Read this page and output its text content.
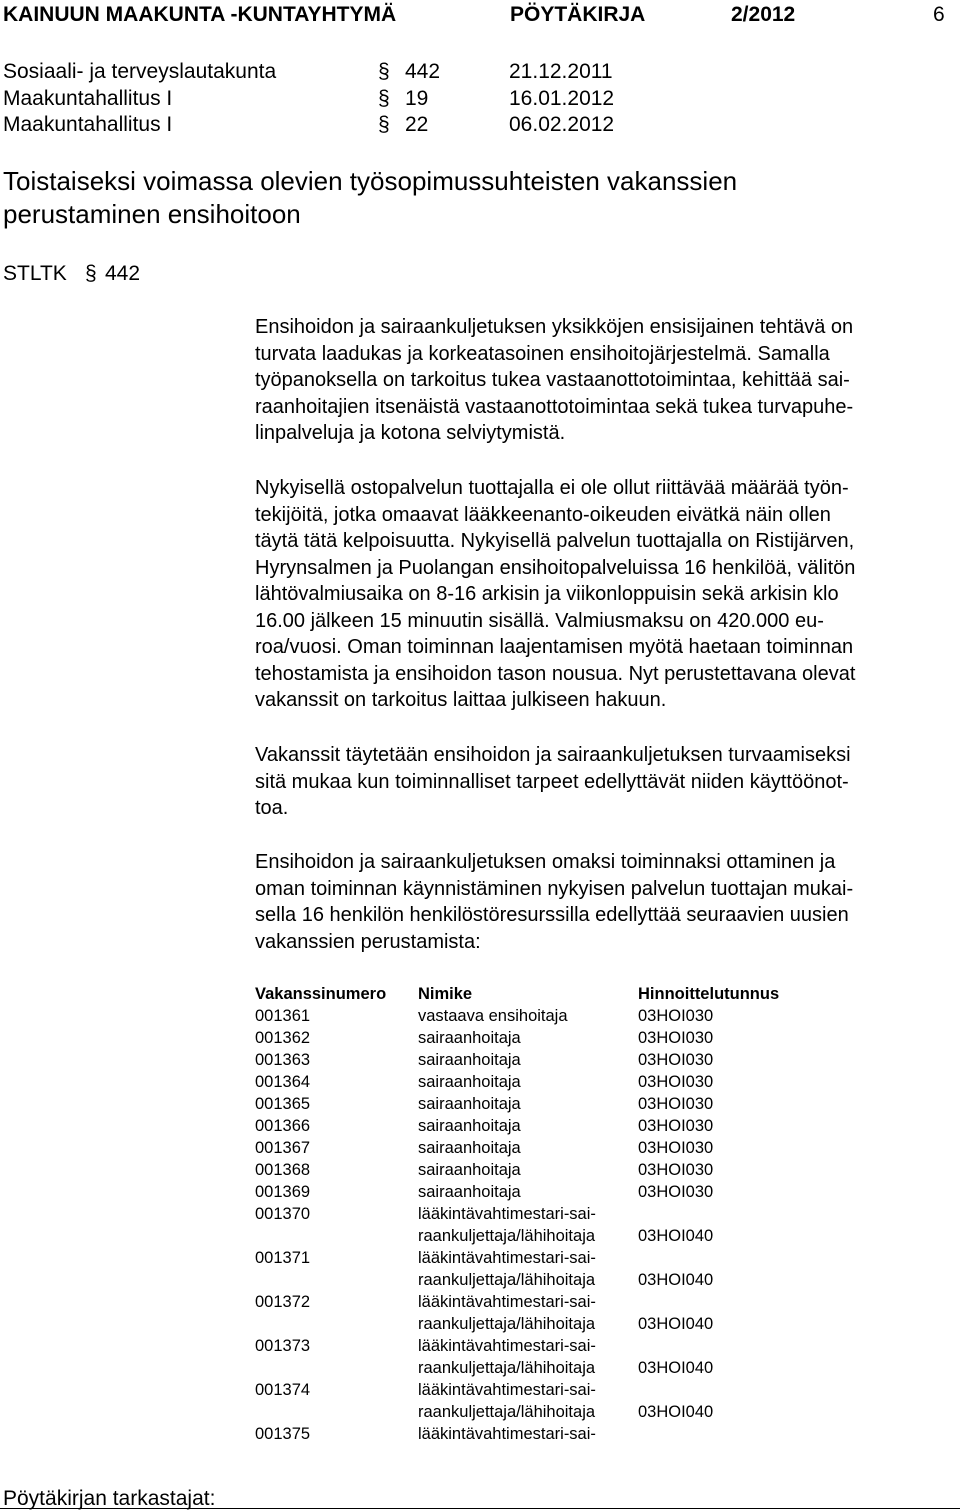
KAINUUN MAAKUNTA -KUNTAYHTYMÄ	PÖYTÄKIRJA	2/2012	6
Sosiaali- ja terveyslautakunta	§ 442	21.12.2011
Maakuntahallitus I	§ 19	16.01.2012
Maakuntahallitus I	§ 22	06.02.2012
Toistaiseksi voimassa olevien työsopimussuhteisten vakanssien
perustaminen ensihoitoon
STLTK § 442
Ensihoidon ja sairaankuljetuksen yksikköjen ensisijainen tehtävä on
turvata laadukas ja korkeatasoinen ensihoitojärjestelmä. Samalla
työpanoksella on tarkoitus tukea vastaanottotoimintaa, kehittää sai-
raanhoitajien itsenäistä vastaanottotoimintaa sekä tukea turvapuhe-
linpalveluja ja kotona selviytymistä.
Nykyisellä ostopalvelun tuottajalla ei ole ollut riittävää määrää työn-
tekijöitä, jotka omaavat lääkkeenanto-oikeuden eivätkä näin ollen
täytä tätä kelpoisuutta. Nykyisellä palvelun tuottajalla on Ristijärven,
Hyrynsalmen ja Puolangan ensihoitopalveluissa 16 henkilöä, välitön
lähtövalmiusaika on 8-16 arkisin ja viikonloppuisin sekä arkisin klo
16.00 jälkeen 15 minuutin sisällä. Valmiusmaksu on 420.000 eu-
roa/vuosi. Oman toiminnan laajentamisen myötä haetaan toiminnan
tehostamista ja ensihoidon tason nousua. Nyt perustettavana olevat
vakanssit on tarkoitus laittaa julkiseen hakuun.
Vakanssit täytetään ensihoidon ja sairaankuljetuksen turvaamiseksi
sitä mukaa kun toiminnalliset tarpeet edellyttävät niiden käyttöönot-
toa.
Ensihoidon ja sairaankuljetuksen omaksi toiminnaksi ottaminen ja
oman toiminnan käynnistäminen nykyisen palvelun tuottajan mukai-
sella 16 henkilön henkilöstöresurssilla edellyttää seuraavien uusien
vakanssien perustamista:
Vakanssinumero	Nimike	Hinnoittelutunnus
001361	vastaava ensihoitaja	03HOI030
001362	sairaanhoitaja	03HOI030
001363	sairaanhoitaja	03HOI030
001364	sairaanhoitaja	03HOI030
001365	sairaanhoitaja	03HOI030
001366	sairaanhoitaja	03HOI030
001367	sairaanhoitaja	03HOI030
001368	sairaanhoitaja	03HOI030
001369	sairaanhoitaja	03HOI030
001370	lääkintävahtimestari-sai-
raankuljettaja/lähihoitaja	03HOI040
001371	lääkintävahtimestari-sai-
raankuljettaja/lähihoitaja	03HOI040
001372	lääkintävahtimestari-sai-
raankuljettaja/lähihoitaja	03HOI040
001373	lääkintävahtimestari-sai-
raankuljettaja/lähihoitaja	03HOI040
001374	lääkintävahtimestari-sai-
raankuljettaja/lähihoitaja	03HOI040
001375	lääkintävahtimestari-sai-	

Pöytäkirjan tarkastajat:
